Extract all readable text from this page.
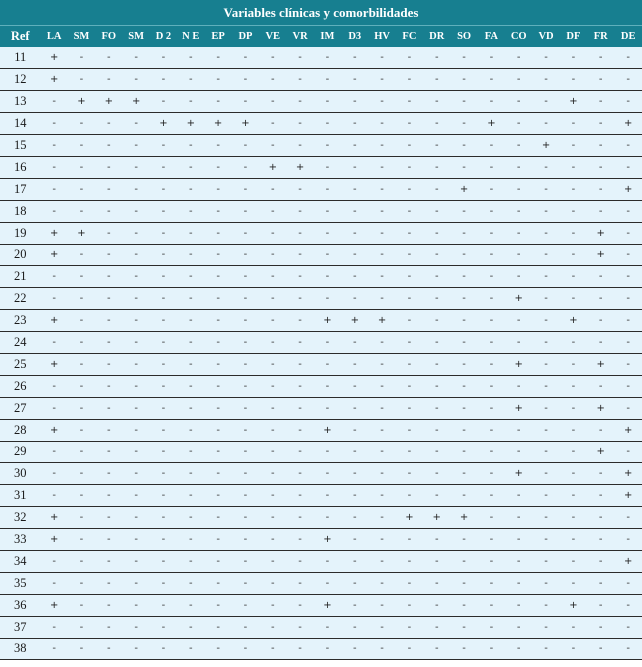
Variables clínicas y comorbilidades																						
Ref	LA	SM	FO	SM	D 2	N E	EP	DP	VE	VR	IM	D3	HV	FC	DR	SO	FA	CO	VD	DF	FR	DE
11	+	-	-	-	-	-	-	-	-	-	-	-	-	-	-	-	-	-	-	-	-	-
12	+	-	-	-	-	-	-	-	-	-	-	-	-	-	-	-	-	-	-	-	-	-
13	-	+	+	+	-	-	-	-	-	-	-	-	-	-	-	-	-	-	-	+	-	-
14	-	-	-	-	+	+	+	+	-	-	-	-	-	-	-	-	+	-	-	-	-	+
15	-	-	-	-	-	-	-	-	-	-	-	-	-	-	-	-	-	-	+	-	-	-
16	-	-	-	-	-	-	-	-	+	+	-	-	-	-	-	-	-	-	-	-	-	-
17	-	-	-	-	-	-	-	-	-	-	-	-	-	-	-	+	-	-	-	-	-	+
18	-	-	-	-	-	-	-	-	-	-	-	-	-	-	-	-	-	-	-	-	-	-
19	+	+	-	-	-	-	-	-	-	-	-	-	-	-	-	-	-	-	-	-	+	-
20	+	-	-	-	-	-	-	-	-	-	-	-	-	-	-	-	-	-	-	-	+	-
21	-	-	-	-	-	-	-	-	-	-	-	-	-	-	-	-	-	-	-	-	-	-
22	-	-	-	-	-	-	-	-	-	-	-	-	-	-	-	-	-	+	-	-	-	-
23	+	-	-	-	-	-	-	-	-	-	+	+	+	-	-	-	-	-	-	+	-	-
24	-	-	-	-	-	-	-	-	-	-	-	-	-	-	-	-	-	-	-	-	-	-
25	+	-	-	-	-	-	-	-	-	-	-	-	-	-	-	-	-	+	-	-	+	-
26	-	-	-	-	-	-	-	-	-	-	-	-	-	-	-	-	-	-	-	-	-	-
27	-	-	-	-	-	-	-	-	-	-	-	-	-	-	-	-	-	+	-	-	+	-
28	+	-	-	-	-	-	-	-	-	-	+	-	-	-	-	-	-	-	-	-	-	+
29	-	-	-	-	-	-	-	-	-	-	-	-	-	-	-	-	-	-	-	-	+	-
30	-	-	-	-	-	-	-	-	-	-	-	-	-	-	-	-	-	+	-	-	-	+
31	-	-	-	-	-	-	-	-	-	-	-	-	-	-	-	-	-	-	-	-	-	+
32	+	-	-	-	-	-	-	-	-	-	-	-	-	+	+	+	-	-	-	-	-	-
33	+	-	-	-	-	-	-	-	-	-	+	-	-	-	-	-	-	-	-	-	-	-
34	-	-	-	-	-	-	-	-	-	-	-	-	-	-	-	-	-	-	-	-	-	+
35	-	-	-	-	-	-	-	-	-	-	-	-	-	-	-	-	-	-	-	-	-	-
36	+	-	-	-	-	-	-	-	-	-	+	-	-	-	-	-	-	-	-	+	-	-
37	-	-	-	-	-	-	-	-	-	-	-	-	-	-	-	-	-	-	-	-	-	-
38	-	-	-	-	-	-	-	-	-	-	-	-	-	-	-	-	-	-	-	-	-	-
